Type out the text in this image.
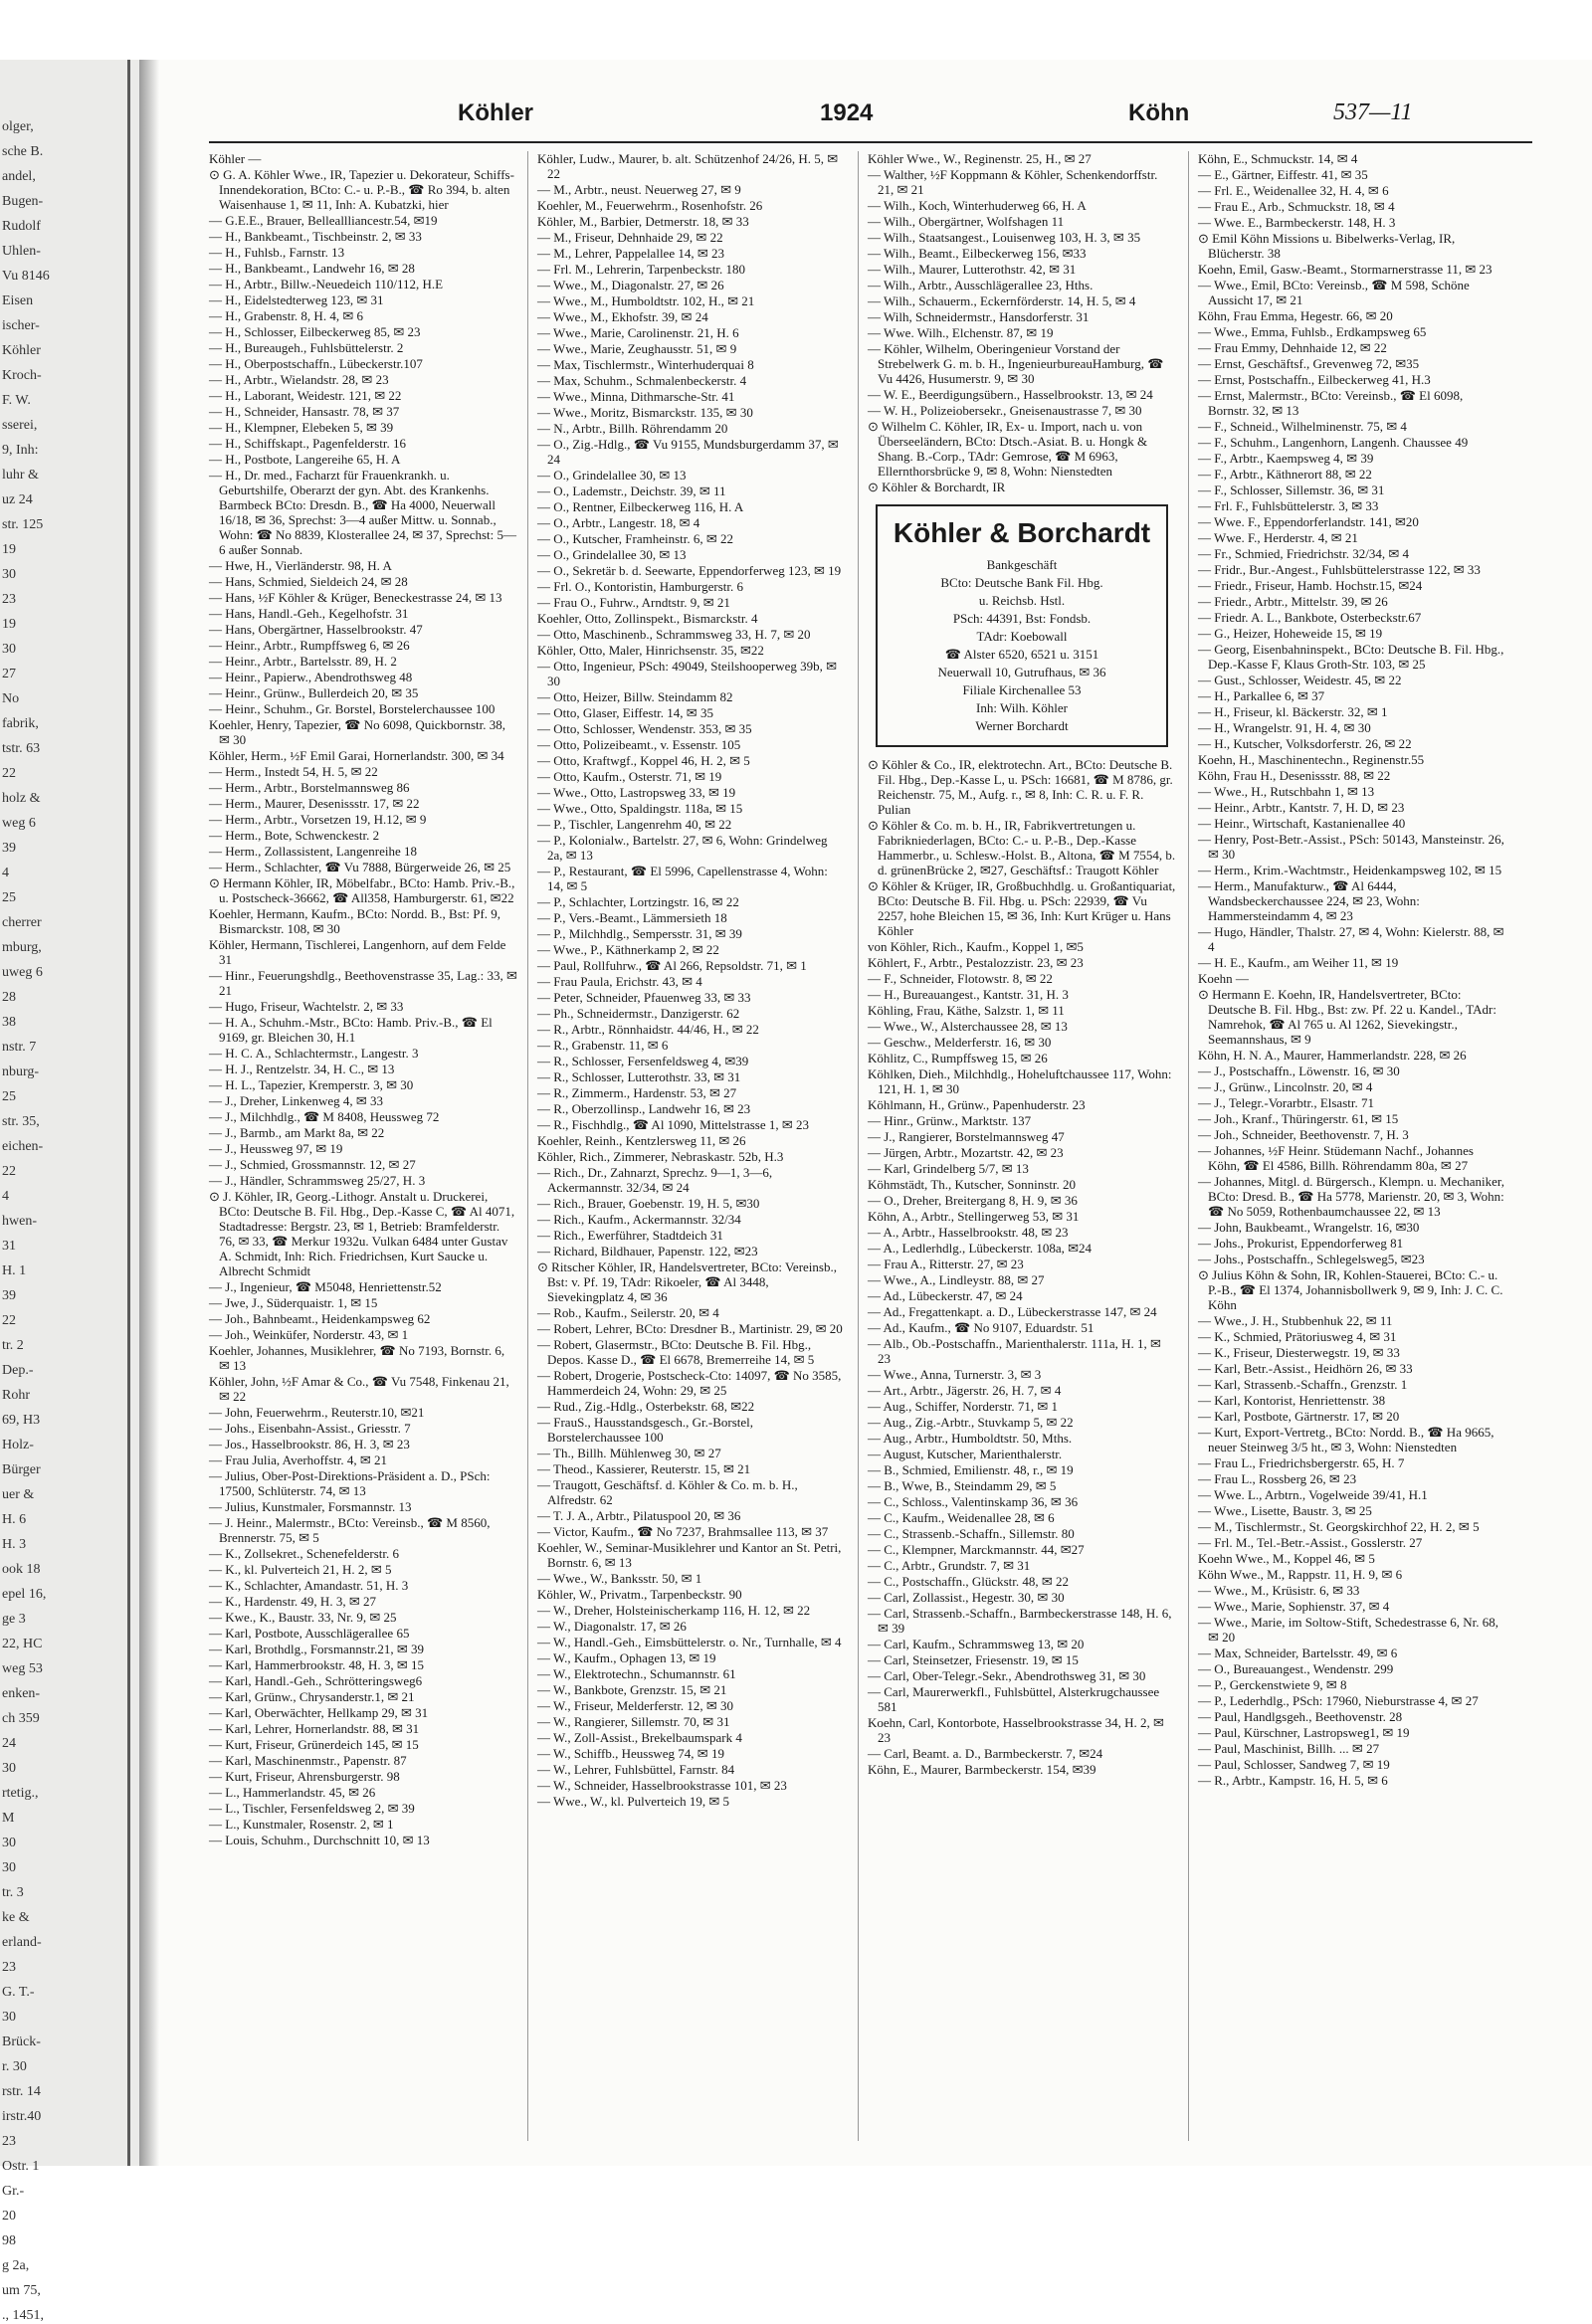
olger,
sche B.
andel,
Bugen-
Rudolf
Uhlen-
Vu 8146
Eisen
ischer-
Köhler
Kroch-
F. W.
sserei,
9, Inh:
luhr &
uz 24
str. 125
19
30
23
19
30
27
No
fabrik,
tstr. 63
22
holz &
weg 6
39
4
25
cherrer
mburg,
uweg 6
28
38
nstr. 7
nburg-
25
str. 35,
eichen-
22
4
hwen-
31
H. 1
39
22
tr. 2
Dep.-
Rohr
69, H3
Holz-
Bürger
uer &
H. 6
H. 3
ook 18
epel 16,
ge 3
22, HC
weg 53
enken-
ch 359
24
30
rtetig.,
M
30
30
tr. 3
ke &
erland-
23
G. T.-
30
Brück-
r. 30
rstr. 14
irstr.40
23
Ostr. 1
Gr.-
20
98
g 2a,
um 75,
., 1451,
Köhler	1924	Köhn	537—11
Köhler —
⊙ G. A. Köhler Wwe., IR, Tapezier u. Dekorateur, Schiffs-Innendekoration, BCto: C.- u. P.-B., ☎ Ro 394, b. alten Waisenhause 1, ✉ 11, Inh: A. Kubatzki, hier
— G.E.E., Brauer, Belleallliancestr.54, ✉19
— H., Bankbeamt., Tischbeinstr. 2, ✉ 33
— H., Fuhlsb., Farnstr. 13
— H., Bankbeamt., Landwehr 16, ✉ 28
— H., Arbtr., Billw.-Neuedeich 110/112, H.E
— H., Eidelstedterweg 123, ✉ 31
— H., Grabenstr. 8, H. 4, ✉ 6
— H., Schlosser, Eilbeckerweg 85, ✉ 23
— H., Bureaugeh., Fuhlsbüttelerstr. 2
— H., Oberpostschaffn., Lübeckerstr.107
— H., Arbtr., Wielandstr. 28, ✉ 23
— H., Laborant, Weidestr. 121, ✉ 22
— H., Schneider, Hansastr. 78, ✉ 37
— H., Klempner, Elebeken 5, ✉ 39
— H., Schiffskapt., Pagenfelderstr. 16
— H., Postbote, Langereihe 65, H. A
— H., Dr. med., Facharzt für Frauenkrankh. u. Geburtshilfe, Oberarzt der gyn. Abt. des Krankenhs. Barmbeck BCto: Dresdn. B., ☎ Ha 4000, Neuerwall 16/18, ✉ 36, Sprechst: 3—4 außer Mittw. u. Sonnab., Wohn: ☎ No 8839, Klosterallee 24, ✉ 37, Sprechst: 5—6 außer Sonnab.
— Hwe, H., Vierländerstr. 98, H. A
— Hans, Schmied, Sieldeich 24, ✉ 28
— Hans, ½F Köhler & Krüger, Beneckestrasse 24, ✉ 13
— Hans, Handl.-Geh., Kegelhofstr. 31
— Hans, Obergärtner, Hasselbrookstr. 47
— Heinr., Arbtr., Rumpffsweg 6, ✉ 26
— Heinr., Arbtr., Bartelsstr. 89, H. 2
— Heinr., Papierw., Abendrothsweg 48
— Heinr., Grünw., Bullerdeich 20, ✉ 35
— Heinr., Schuhm., Gr. Borstel, Borstelerchaussee 100
Koehler, Henry, Tapezier, ☎ No 6098, Quickbornstr. 38, ✉ 30
Köhler, Herm., ½F Emil Garai, Hornerlandstr. 300, ✉ 34
— Herm., Instedt 54, H. 5, ✉ 22
— Herm., Arbtr., Borstelmannsweg 86
— Herm., Maurer, Desenissstr. 17, ✉ 22
— Herm., Arbtr., Vorsetzen 19, H.12, ✉ 9
— Herm., Bote, Schwenckestr. 2
— Herm., Zollassistent, Langenreihe 18
— Herm., Schlachter, ☎ Vu 7888, Bürgerweide 26, ✉ 25
⊙ Hermann Köhler, IR, Möbelfabr., BCto: Hamb. Priv.-B., u. Postscheck-36662, ☎ All358, Hamburgerstr. 61, ✉22
Koehler, Hermann, Kaufm., BCto: Nordd. B., Bst: Pf. 9, Bismarckstr. 108, ✉ 30
Köhler, Hermann, Tischlerei, Langenhorn, auf dem Felde 31
— Hinr., Feuerungshdlg., Beethovenstrasse 35, Lag.: 33, ✉ 21
— Hugo, Friseur, Wachtelstr. 2, ✉ 33
— H. A., Schuhm.-Mstr., BCto: Hamb. Priv.-B., ☎ El 9169, gr. Bleichen 30, H.1
— H. C. A., Schlachtermstr., Langestr. 3
— H. J., Rentzelstr. 34, H. C., ✉ 13
— H. L., Tapezier, Kremperstr. 3, ✉ 30
— J., Dreher, Linkenweg 4, ✉ 33
— J., Milchhdlg., ☎ M 8408, Heussweg 72
— J., Barmb., am Markt 8a, ✉ 22
— J., Heussweg 97, ✉ 19
— J., Schmied, Grossmannstr. 12, ✉ 27
— J., Händler, Schrammsweg 25/27, H. 3
⊙ J. Köhler, IR, Georg.-Lithogr. Anstalt u. Druckerei, BCto: Deutsche B. Fil. Hbg., Dep.-Kasse C, ☎ Al 4071, Stadtadresse: Bergstr. 23, ✉ 1, Betrieb: Bramfelderstr. 76, ✉ 33, ☎ Merkur 1932u. Vulkan 6484 unter Gustav A. Schmidt, Inh: Rich. Friedrichsen, Kurt Saucke u. Albrecht Schmidt
— J., Ingenieur, ☎ M5048, Henriettenstr.52
— Jwe, J., Süderquaistr. 1, ✉ 15
— Joh., Bahnbeamt., Heidenkampsweg 62
— Joh., Weinküfer, Norderstr. 43, ✉ 1
Koehler, Johannes, Musiklehrer, ☎ No 7193, Bornstr. 6, ✉ 13
Köhler, John, ½F Amar & Co., ☎ Vu 7548, Finkenau 21, ✉ 22
— John, Feuerwehrm., Reuterstr.10, ✉21
— Johs., Eisenbahn-Assist., Griesstr. 7
— Jos., Hasselbrookstr. 86, H. 3, ✉ 23
— Frau Julia, Averhoffstr. 4, ✉ 21
— Julius, Ober-Post-Direktions-Präsident a. D., PSch: 17500, Schlüterstr. 74, ✉ 13
— Julius, Kunstmaler, Forsmannstr. 13
— J. Heinr., Malermstr., BCto: Vereinsb., ☎ M 8560, Brennerstr. 75, ✉ 5
— K., Zollsekret., Schenefelderstr. 6
— K., kl. Pulverteich 21, H. 2, ✉ 5
— K., Schlachter, Amandastr. 51, H. 3
— K., Hardenstr. 49, H. 3, ✉ 27
— Kwe., K., Baustr. 33, Nr. 9, ✉ 25
— Karl, Postbote, Ausschlägerallee 65
— Karl, Brothdlg., Forsmannstr.21, ✉ 39
— Karl, Hammerbrookstr. 48, H. 3, ✉ 15
— Karl, Handl.-Geh., Schrötteringsweg6
— Karl, Grünw., Chrysanderstr.1, ✉ 21
— Karl, Oberwächter, Hellkamp 29, ✉ 31
— Karl, Lehrer, Hornerlandstr. 88, ✉ 31
— Kurt, Friseur, Grünerdeich 145, ✉ 15
— Karl, Maschinenmstr., Papenstr. 87
— Kurt, Friseur, Ahrensburgerstr. 98
— L., Hammerlandstr. 45, ✉ 26
— L., Tischler, Fersenfeldsweg 2, ✉ 39
— L., Kunstmaler, Rosenstr. 2, ✉ 1
— Louis, Schuhm., Durchschnitt 10, ✉ 13
Köhler, Ludw., Maurer, b. alt. Schützenhof 24/26, H. 5, ✉ 22
— M., Arbtr., neust. Neuerweg 27, ✉ 9
Koehler, M., Feuerwehrm., Rosenhofstr. 26
Köhler, M., Barbier, Detmerstr. 18, ✉ 33
— M., Friseur, Dehnhaide 29, ✉ 22
— M., Lehrer, Pappelallee 14, ✉ 23
— Frl. M., Lehrerin, Tarpenbeckstr. 180
— Wwe., M., Diagonalstr. 27, ✉ 26
— Wwe., M., Humboldtstr. 102, H., ✉ 21
— Wwe., M., Ekhofstr. 39, ✉ 24
— Wwe., Marie, Carolinenstr. 21, H. 6
— Wwe., Marie, Zeughausstr. 51, ✉ 9
— Max, Tischlermstr., Winterhuderquai 8
— Max, Schuhm., Schmalenbeckerstr. 4
— Wwe., Minna, Dithmarsche-Str. 41
— Wwe., Moritz, Bismarckstr. 135, ✉ 30
— N., Arbtr., Billh. Röhrendamm 20
— O., Zig.-Hdlg., ☎ Vu 9155, Mundsburgerdamm 37, ✉ 24
— O., Grindelallee 30, ✉ 13
— O., Lademstr., Deichstr. 39, ✉ 11
— O., Rentner, Eilbeckerweg 116, H. A
— O., Arbtr., Langestr. 18, ✉ 4
— O., Kutscher, Framheinstr. 6, ✉ 22
— O., Grindelallee 30, ✉ 13
— O., Sekretär b. d. Seewarte, Eppendorferweg 123, ✉ 19
— Frl. O., Kontoristin, Hamburgerstr. 6
— Frau O., Fuhrw., Arndtstr. 9, ✉ 21
Koehler, Otto, Zollinspekt., Bismarckstr. 4
— Otto, Maschinenb., Schrammsweg 33, H. 7, ✉ 20
Köhler, Otto, Maler, Hinrichsenstr. 35, ✉22
— Otto, Ingenieur, PSch: 49049, Steilshooperweg 39b, ✉ 30
— Otto, Heizer, Billw. Steindamm 82
— Otto, Glaser, Eiffestr. 14, ✉ 35
— Otto, Schlosser, Wendenstr. 353, ✉ 35
— Otto, Polizeibeamt., v. Essenstr. 105
— Otto, Kraftwgf., Koppel 46, H. 2, ✉ 5
— Otto, Kaufm., Osterstr. 71, ✉ 19
— Wwe., Otto, Lastropsweg 33, ✉ 19
— Wwe., Otto, Spaldingstr. 118a, ✉ 15
— P., Tischler, Langenrehm 40, ✉ 22
— P., Kolonialw., Bartelstr. 27, ✉ 6, Wohn: Grindelweg 2a, ✉ 13
— P., Restaurant, ☎ El 5996, Capellenstrasse 4, Wohn: 14, ✉ 5
— P., Schlachter, Lortzingstr. 16, ✉ 22
— P., Vers.-Beamt., Lämmersieth 18
— P., Milchhdlg., Sempersstr. 31, ✉ 39
— Wwe., P., Käthnerkamp 2, ✉ 22
— Paul, Rollfuhrw., ☎ Al 266, Repsoldstr. 71, ✉ 1
— Frau Paula, Erichstr. 43, ✉ 4
— Peter, Schneider, Pfauenweg 33, ✉ 33
— Ph., Schneidermstr., Danzigerstr. 62
— R., Arbtr., Rönnhaidstr. 44/46, H., ✉ 22
— R., Grabenstr. 11, ✉ 6
— R., Schlosser, Fersenfeldsweg 4, ✉39
— R., Schlosser, Lutterothstr. 33, ✉ 31
— R., Zimmerm., Hardenstr. 53, ✉ 27
— R., Oberzollinsp., Landwehr 16, ✉ 23
— R., Fischhdlg., ☎ Al 1090, Mittelstrasse 1, ✉ 23
Koehler, Reinh., Kentzlersweg 11, ✉ 26
Köhler, Rich., Zimmerer, Nebraskastr. 52b, H.3
— Rich., Dr., Zahnarzt, Sprechz. 9—1, 3—6, Ackermannstr. 32/34, ✉ 24
— Rich., Brauer, Goebenstr. 19, H. 5, ✉30
— Rich., Kaufm., Ackermannstr. 32/34
— Rich., Ewerführer, Stadtdeich 31
— Richard, Bildhauer, Papenstr. 122, ✉23
⊙ Ritscher Köhler, IR, Handelsvertreter, BCto: Vereinsb., Bst: v. Pf. 19, TAdr: Rikoeler, ☎ Al 3448, Sievekingplatz 4, ✉ 36
— Rob., Kaufm., Seilerstr. 20, ✉ 4
— Robert, Lehrer, BCto: Dresdner B., Martinistr. 29, ✉ 20
— Robert, Glasermstr., BCto: Deutsche B. Fil. Hbg., Depos. Kasse D., ☎ El 6678, Bremerreihe 14, ✉ 5
— Robert, Drogerie, Postscheck-Cto: 14097, ☎ No 3585, Hammerdeich 24, Wohn: 29, ✉ 25
— Rud., Zig.-Hdlg., Osterbekstr. 68, ✉22
— FrauS., Hausstandsgesch., Gr.-Borstel, Borstelerchaussee 100
— Th., Billh. Mühlenweg 30, ✉ 27
— Theod., Kassierer, Reuterstr. 15, ✉ 21
— Traugott, Geschäftsf. d. Köhler & Co. m. b. H., Alfredstr. 62
— T. J. A., Arbtr., Pilatuspool 20, ✉ 36
— Victor, Kaufm., ☎ No 7237, Brahmsallee 113, ✉ 37
Koehler, W., Seminar-Musiklehrer und Kantor an St. Petri, Bornstr. 6, ✉ 13
— Wwe., W., Banksstr. 50, ✉ 1
Köhler, W., Privatm., Tarpenbeckstr. 90
— W., Dreher, Holsteinischerkamp 116, H. 12, ✉ 22
— W., Diagonalstr. 17, ✉ 26
— W., Handl.-Geh., Eimsbüttelerstr. o. Nr., Turnhalle, ✉ 4
— W., Kaufm., Ophagen 13, ✉ 19
— W., Elektrotechn., Schumannstr. 61
— W., Bankbote, Grenzstr. 15, ✉ 21
— W., Friseur, Melderferstr. 12, ✉ 30
— W., Rangierer, Sillemstr. 70, ✉ 31
— W., Zoll-Assist., Brekelbaumspark 4
— W., Schiffb., Heussweg 74, ✉ 19
— W., Lehrer, Fuhlsbüttel, Farnstr. 84
— W., Schneider, Hasselbrookstrasse 101, ✉ 23
— Wwe., W., kl. Pulverteich 19, ✉ 5
Köhler Wwe., W., Reginenstr. 25, H., ✉ 27
— Walther, ½F Koppmann & Köhler, Schenkendorffstr. 21, ✉ 21
— Wilh., Koch, Winterhuderweg 66, H. A
— Wilh., Obergärtner, Wolfshagen 11
— Wilh., Staatsangest., Louisenweg 103, H. 3, ✉ 35
— Wilh., Beamt., Eilbeckerweg 156, ✉33
— Wilh., Maurer, Lutterothstr. 42, ✉ 31
— Wilh., Arbtr., Ausschlägerallee 23, Hths.
— Wilh., Schauerm., Eckernförderstr. 14, H. 5, ✉ 4
— Wilh, Schneidermstr., Hansdorferstr. 31
— Wwe. Wilh., Elchenstr. 87, ✉ 19
— Köhler, Wilhelm, Oberingenieur Vorstand der Strebelwerk G. m. b. H., IngenieurbureauHamburg, ☎ Vu 4426, Husumerstr. 9, ✉ 30
— W. E., Beerdigungsübern., Hasselbrookstr. 13, ✉ 24
— W. H., Polizeiobersekr., Gneisenaustrasse 7, ✉ 30
⊙ Wilhelm C. Köhler, IR, Ex- u. Import, nach u. von Überseeländern, BCto: Dtsch.-Asiat. B. u. Hongk & Shang. B.-Corp., TAdr: Gemrose, ☎ M 6963, Ellernthorsbrücke 9, ✉ 8, Wohn: Nienstedten
⊙ Köhler & Borchardt, IR
Köhler & Borchardt
Bankgeschäft
BCto: Deutsche Bank Fil. Hbg.
u. Reichsb. Hstl.
PSch: 44391, Bst: Fondsb.
TAdr: Koebowall
☎ Alster 6520, 6521 u. 3151
Neuerwall 10, Gutrufhaus, ✉ 36
Filiale Kirchenallee 53
Inh: Wilh. Köhler
Werner Borchardt
⊙ Köhler & Co., IR, elektrotechn. Art., BCto: Deutsche B. Fil. Hbg., Dep.-Kasse L, u. PSch: 16681, ☎ M 8786, gr. Reichenstr. 75, M., Aufg. r., ✉ 8, Inh: C. R. u. F. R. Pulian
⊙ Köhler & Co. m. b. H., IR, Fabrikvertretungen u. Fabrikniederlagen, BCto: C.- u. P.-B., Dep.-Kasse Hammerbr., u. Schlesw.-Holst. B., Altona, ☎ M 7554, b. d. grünenBrücke 2, ✉27, Geschäftsf.: Traugott Köhler
⊙ Köhler & Krüger, IR, Großbuchhdlg. u. Großantiquariat, BCto: Deutsche B. Fil. Hbg. u. PSch: 22939, ☎ Vu 2257, hohe Bleichen 15, ✉ 36, Inh: Kurt Krüger u. Hans Köhler
von Köhler, Rich., Kaufm., Koppel 1, ✉5
Köhlert, F., Arbtr., Pestalozzistr. 23, ✉ 23
— F., Schneider, Flotowstr. 8, ✉ 22
— H., Bureauangest., Kantstr. 31, H. 3
Köhling, Frau, Käthe, Salzstr. 1, ✉ 11
— Wwe., W., Alsterchaussee 28, ✉ 13
— Geschw., Melderferstr. 16, ✉ 30
Köhlitz, C., Rumpffsweg 15, ✉ 26
Köhlken, Dieh., Milchhdlg., Hoheluftchaussee 117, Wohn: 121, H. 1, ✉ 30
Köhlmann, H., Grünw., Papenhuderstr. 23
— Hinr., Grünw., Marktstr. 137
— J., Rangierer, Borstelmannsweg 47
— Jürgen, Arbtr., Mozartstr. 42, ✉ 23
— Karl, Grindelberg 5/7, ✉ 13
Köhmstädt, Th., Kutscher, Sonninstr. 20
— O., Dreher, Breitergang 8, H. 9, ✉ 36
Köhn, A., Arbtr., Stellingerweg 53, ✉ 31
— A., Arbtr., Hasselbrookstr. 48, ✉ 23
— A., Ledlerhdlg., Lübeckerstr. 108a, ✉24
— Frau A., Ritterstr. 27, ✉ 23
— Wwe., A., Lindleystr. 88, ✉ 27
— Ad., Lübeckerstr. 47, ✉ 24
— Ad., Fregattenkapt. a. D., Lübeckerstrasse 147, ✉ 24
— Ad., Kaufm., ☎ No 9107, Eduardstr. 51
— Alb., Ob.-Postschaffn., Marienthalerstr. 111a, H. 1, ✉ 23
— Wwe., Anna, Turnerstr. 3, ✉ 3
— Art., Arbtr., Jägerstr. 26, H. 7, ✉ 4
— Aug., Schiffer, Norderstr. 71, ✉ 1
— Aug., Zig.-Arbtr., Stuvkamp 5, ✉ 22
— Aug., Arbtr., Humboldtstr. 50, Mths.
— August, Kutscher, Marienthalerstr.
— B., Schmied, Emilienstr. 48, r., ✉ 19
— B., Wwe, B., Steindamm 29, ✉ 5
— C., Schloss., Valentinskamp 36, ✉ 36
— C., Kaufm., Weidenallee 28, ✉ 6
— C., Strassenb.-Schaffn., Sillemstr. 80
— C., Klempner, Marckmannstr. 44, ✉27
— C., Arbtr., Grundstr. 7, ✉ 31
— C., Postschaffn., Glückstr. 48, ✉ 22
— Carl, Zollassist., Hegestr. 30, ✉ 30
— Carl, Strassenb.-Schaffn., Barmbeckerstrasse 148, H. 6, ✉ 39
— Carl, Kaufm., Schrammsweg 13, ✉ 20
— Carl, Steinsetzer, Friesenstr. 19, ✉ 15
— Carl, Ober-Telegr.-Sekr., Abendrothsweg 31, ✉ 30
— Carl, Maurerwerkfl., Fuhlsbüttel, Alsterkrugchaussee 581
Koehn, Carl, Kontorbote, Hasselbrookstrasse 34, H. 2, ✉ 23
— Carl, Beamt. a. D., Barmbeckerstr. 7, ✉24
Köhn, E., Maurer, Barmbeckerstr. 154, ✉39
Köhn, E., Schmuckstr. 14, ✉ 4
— E., Gärtner, Eiffestr. 41, ✉ 35
— Frl. E., Weidenallee 32, H. 4, ✉ 6
— Frau E., Arb., Schmuckstr. 18, ✉ 4
— Wwe. E., Barmbeckerstr. 148, H. 3
⊙ Emil Köhn Missions u. Bibelwerks-Verlag, IR, Blücherstr. 38
Koehn, Emil, Gasw.-Beamt., Stormarnerstrasse 11, ✉ 23
— Wwe., Emil, BCto: Vereinsb., ☎ M 598, Schöne Aussicht 17, ✉ 21
Köhn, Frau Emma, Hegestr. 66, ✉ 20
— Wwe., Emma, Fuhlsb., Erdkampsweg 65
— Frau Emmy, Dehnhaide 12, ✉ 22
— Ernst, Geschäftsf., Grevenweg 72, ✉35
— Ernst, Postschaffn., Eilbeckerweg 41, H.3
— Ernst, Malermstr., BCto: Vereinsb., ☎ El 6098, Bornstr. 32, ✉ 13
— F., Schneid., Wilhelminenstr. 75, ✉ 4
— F., Schuhm., Langenhorn, Langenh. Chaussee 49
— F., Arbtr., Kaempsweg 4, ✉ 39
— F., Arbtr., Käthnerort 88, ✉ 22
— F., Schlosser, Sillemstr. 36, ✉ 31
— Frl. F., Fuhlsbüttelerstr. 3, ✉ 33
— Wwe. F., Eppendorferlandstr. 141, ✉20
— Wwe. F., Herderstr. 4, ✉ 21
— Fr., Schmied, Friedrichstr. 32/34, ✉ 4
— Fridr., Bur.-Angest., Fuhlsbüttelerstrasse 122, ✉ 33
— Friedr., Friseur, Hamb. Hochstr.15, ✉24
— Friedr., Arbtr., Mittelstr. 39, ✉ 26
— Friedr. A. L., Bankbote, Osterbeckstr.67
— G., Heizer, Hoheweide 15, ✉ 19
— Georg, Eisenbahninspekt., BCto: Deutsche B. Fil. Hbg., Dep.-Kasse F, Klaus Groth-Str. 103, ✉ 25
— Gust., Schlosser, Weidestr. 45, ✉ 22
— H., Parkallee 6, ✉ 37
— H., Friseur, kl. Bäckerstr. 32, ✉ 1
— H., Wrangelstr. 91, H. 4, ✉ 30
— H., Kutscher, Volksdorferstr. 26, ✉ 22
Koehn, H., Maschinentechn., Reginenstr.55
Köhn, Frau H., Desenissstr. 88, ✉ 22
— Wwe., H., Rutschbahn 1, ✉ 13
— Heinr., Arbtr., Kantstr. 7, H. D, ✉ 23
— Heinr., Wirtschaft, Kastanienallee 40
— Henry, Post-Betr.-Assist., PSch: 50143, Mansteinstr. 26, ✉ 30
— Herm., Krim.-Wachtmstr., Heidenkampsweg 102, ✉ 15
— Herm., Manufakturw., ☎ Al 6444, Wandsbeckerchaussee 224, ✉ 23, Wohn: Hammersteindamm 4, ✉ 23
— Hugo, Händler, Thalstr. 27, ✉ 4, Wohn: Kielerstr. 88, ✉ 4
— H. E., Kaufm., am Weiher 11, ✉ 19
Koehn —
⊙ Hermann E. Koehn, IR, Handelsvertreter, BCto: Deutsche B. Fil. Hbg., Bst: zw. Pf. 22 u. Kandel., TAdr: Namrehok, ☎ Al 765 u. Al 1262, Sievekingstr., Seemannshaus, ✉ 9
Köhn, H. N. A., Maurer, Hammerlandstr. 228, ✉ 26
— J., Postschaffn., Löwenstr. 16, ✉ 30
— J., Grünw., Lincolnstr. 20, ✉ 4
— J., Telegr.-Vorarbtr., Elsastr. 71
— Joh., Kranf., Thüringerstr. 61, ✉ 15
— Joh., Schneider, Beethovenstr. 7, H. 3
— Johannes, ½F Heinr. Stüdemann Nachf., Johannes Köhn, ☎ El 4586, Billh. Röhrendamm 80a, ✉ 27
— Johannes, Mitgl. d. Bürgersch., Klempn. u. Mechaniker, BCto: Dresd. B., ☎ Ha 5778, Marienstr. 20, ✉ 3, Wohn: ☎ No 5059, Rothenbaumchaussee 22, ✉ 13
— John, Baukbeamt., Wrangelstr. 16, ✉30
— Johs., Prokurist, Eppendorferweg 81
— Johs., Postschaffn., Schlegelsweg5, ✉23
⊙ Julius Köhn & Sohn, IR, Kohlen-Stauerei, BCto: C.- u. P.-B., ☎ El 1374, Johannisbollwerk 9, ✉ 9, Inh: J. C. C. Köhn
— Wwe., J. H., Stubbenhuk 22, ✉ 11
— K., Schmied, Prätoriusweg 4, ✉ 31
— K., Friseur, Diesterwegstr. 19, ✉ 33
— Karl, Betr.-Assist., Heidhörn 26, ✉ 33
— Karl, Strassenb.-Schaffn., Grenzstr. 1
— Karl, Kontorist, Henriettenstr. 38
— Karl, Postbote, Gärtnerstr. 17, ✉ 20
— Kurt, Export-Vertretg., BCto: Nordd. B., ☎ Ha 9665, neuer Steinweg 3/5 ht., ✉ 3, Wohn: Nienstedten
— Frau L., Friedrichsbergerstr. 65, H. 7
— Frau L., Rossberg 26, ✉ 23
— Wwe. L., Arbtrn., Vogelweide 39/41, H.1
— Wwe., Lisette, Baustr. 3, ✉ 25
— M., Tischlermstr., St. Georgskirchhof 22, H. 2, ✉ 5
— Frl. M., Tel.-Betr.-Assist., Gosslerstr. 27
Koehn Wwe., M., Koppel 46, ✉ 5
Köhn Wwe., M., Rappstr. 11, H. 9, ✉ 6
— Wwe., M., Krüsistr. 6, ✉ 33
— Wwe., Marie, Sophienstr. 37, ✉ 4
— Wwe., Marie, im Soltow-Stift, Schedestrasse 6, Nr. 68, ✉ 20
— Max, Schneider, Bartelsstr. 49, ✉ 6
— O., Bureauangest., Wendenstr. 299
— P., Gerckenstwiete 9, ✉ 8
— P., Lederhdlg., PSch: 17960, Nieburstrasse 4, ✉ 27
— Paul, Handlgsgeh., Beethovenstr. 28
— Paul, Kürschner, Lastropsweg1, ✉ 19
— Paul, Maschinist, Billh. ... ✉ 27
— Paul, Schlosser, Sandweg 7, ✉ 19
— R., Arbtr., Kampstr. 16, H. 5, ✉ 6
